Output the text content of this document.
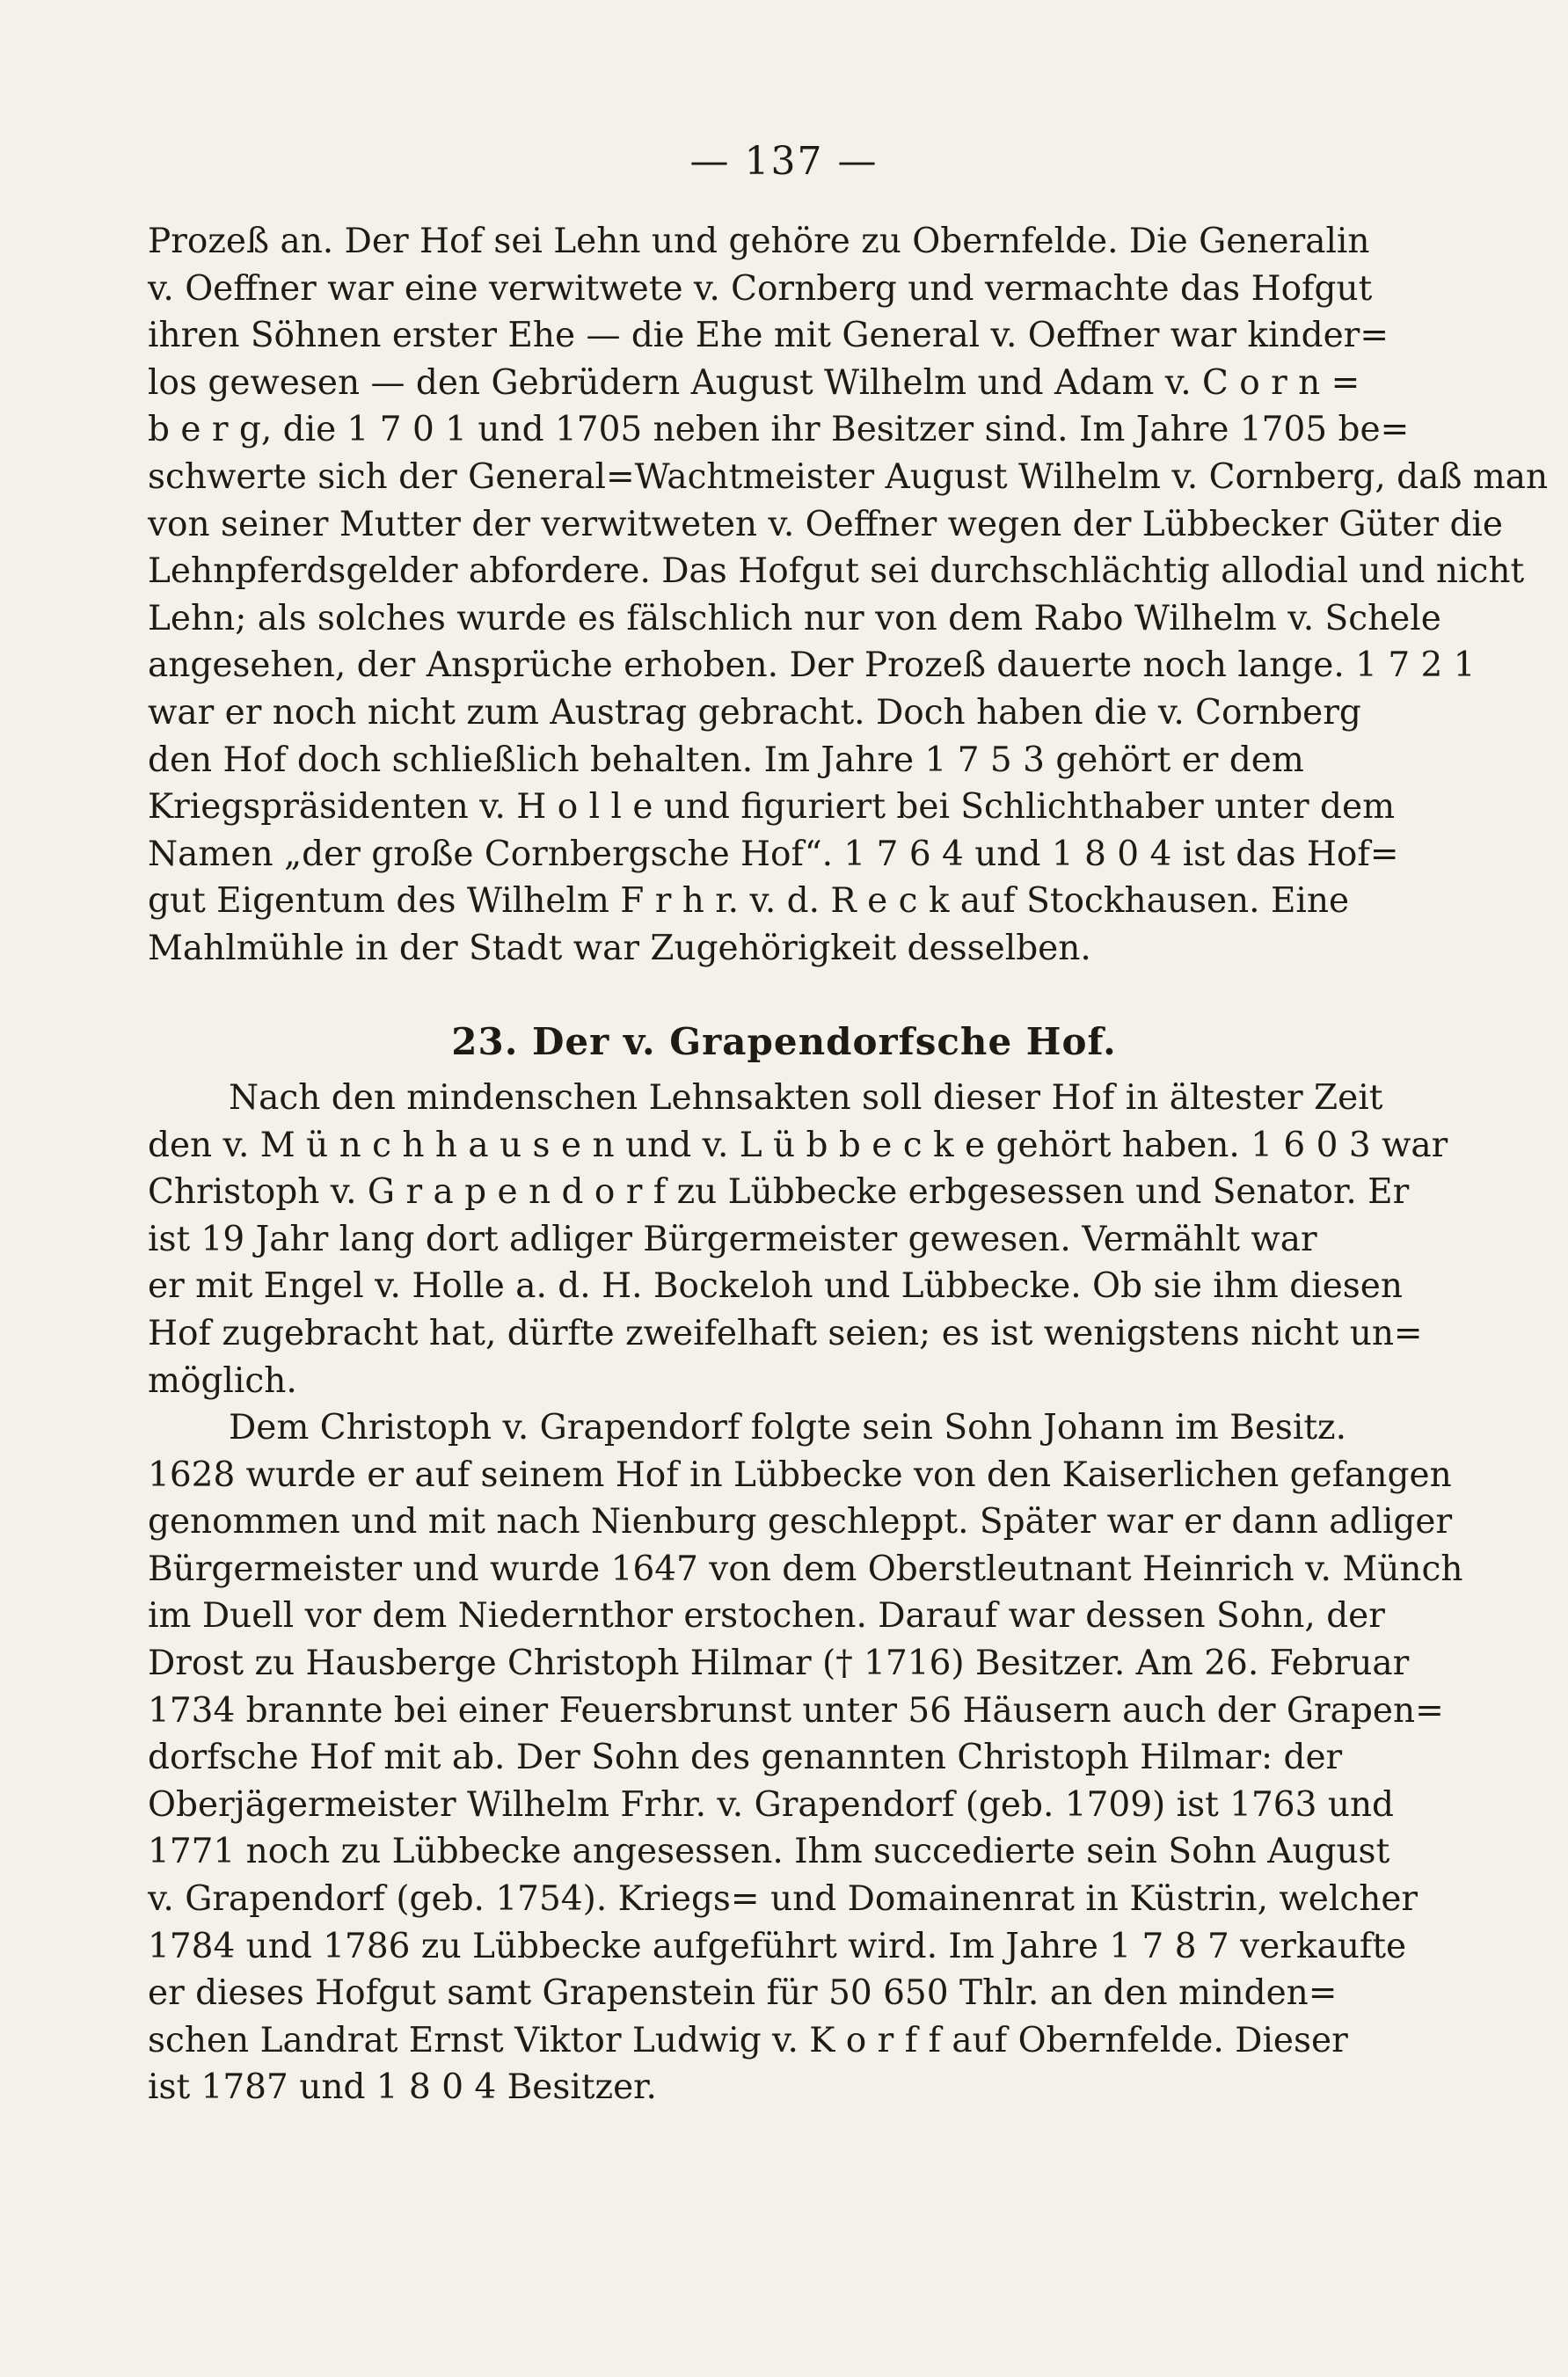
— 137 —
Prozeß an. Der Hof sei Lehn und gehöre zu Obernfelde. Die Generalin
v. Oeffner war eine verwitwete v. Cornberg und vermachte das Hofgut
ihren Söhnen erster Ehe — die Ehe mit General v. Oeffner war kinder=
los gewesen — den Gebrüdern August Wilhelm und Adam v. C o r n =
b e r g, die 1 7 0 1 und 1705 neben ihr Besitzer sind. Im Jahre 1705 be=
schwerte sich der General=Wachtmeister August Wilhelm v. Cornberg, daß man
von seiner Mutter der verwitweten v. Oeffner wegen der Lübbecker Güter die
Lehnpferdsgelder abfordere. Das Hofgut sei durchschlächtig allodial und nicht
Lehn; als solches wurde es fälschlich nur von dem Rabo Wilhelm v. Schele
angesehen, der Ansprüche erhoben. Der Prozeß dauerte noch lange. 1 7 2 1
war er noch nicht zum Austrag gebracht. Doch haben die v. Cornberg
den Hof doch schließlich behalten. Im Jahre 1 7 5 3 gehört er dem
Kriegspräsidenten v. H o l l e und figuriert bei Schlichthaber unter dem
Namen „der große Cornbergsche Hof“. 1 7 6 4 und 1 8 0 4 ist das Hof=
gut Eigentum des Wilhelm F r h r. v. d. R e c k auf Stockhausen. Eine
Mahlmühle in der Stadt war Zugehörigkeit desselben.
23. Der v. Grapendorfsche Hof.
Nach den mindenschen Lehnsakten soll dieser Hof in ältester Zeit
den v. M ü n c h h a u s e n und v. L ü b b e c k e gehört haben. 1 6 0 3 war
Christoph v. G r a p e n d o r f zu Lübbecke erbgesessen und Senator. Er
ist 19 Jahr lang dort adliger Bürgermeister gewesen. Vermählt war
er mit Engel v. Holle a. d. H. Bockeloh und Lübbecke. Ob sie ihm diesen
Hof zugebracht hat, dürfte zweifelhaft seien; es ist wenigstens nicht un=
möglich.
Dem Christoph v. Grapendorf folgte sein Sohn Johann im Besitz.
1628 wurde er auf seinem Hof in Lübbecke von den Kaiserlichen gefangen
genommen und mit nach Nienburg geschleppt. Später war er dann adliger
Bürgermeister und wurde 1647 von dem Oberstleutnant Heinrich v. Münch
im Duell vor dem Niedernthor erstochen. Darauf war dessen Sohn, der
Drost zu Hausberge Christoph Hilmar († 1716) Besitzer. Am 26. Februar
1734 brannte bei einer Feuersbrunst unter 56 Häusern auch der Grapen=
dorfsche Hof mit ab. Der Sohn des genannten Christoph Hilmar: der
Oberjägermeister Wilhelm Frhr. v. Grapendorf (geb. 1709) ist 1763 und
1771 noch zu Lübbecke angesessen. Ihm succedierte sein Sohn August
v. Grapendorf (geb. 1754). Kriegs= und Domainenrat in Küstrin, welcher
1784 und 1786 zu Lübbecke aufgeführt wird. Im Jahre 1 7 8 7 verkaufte
er dieses Hofgut samt Grapenstein für 50 650 Thlr. an den minden=
schen Landrat Ernst Viktor Ludwig v. K o r f f auf Obernfelde. Dieser
ist 1787 und 1 8 0 4 Besitzer.
